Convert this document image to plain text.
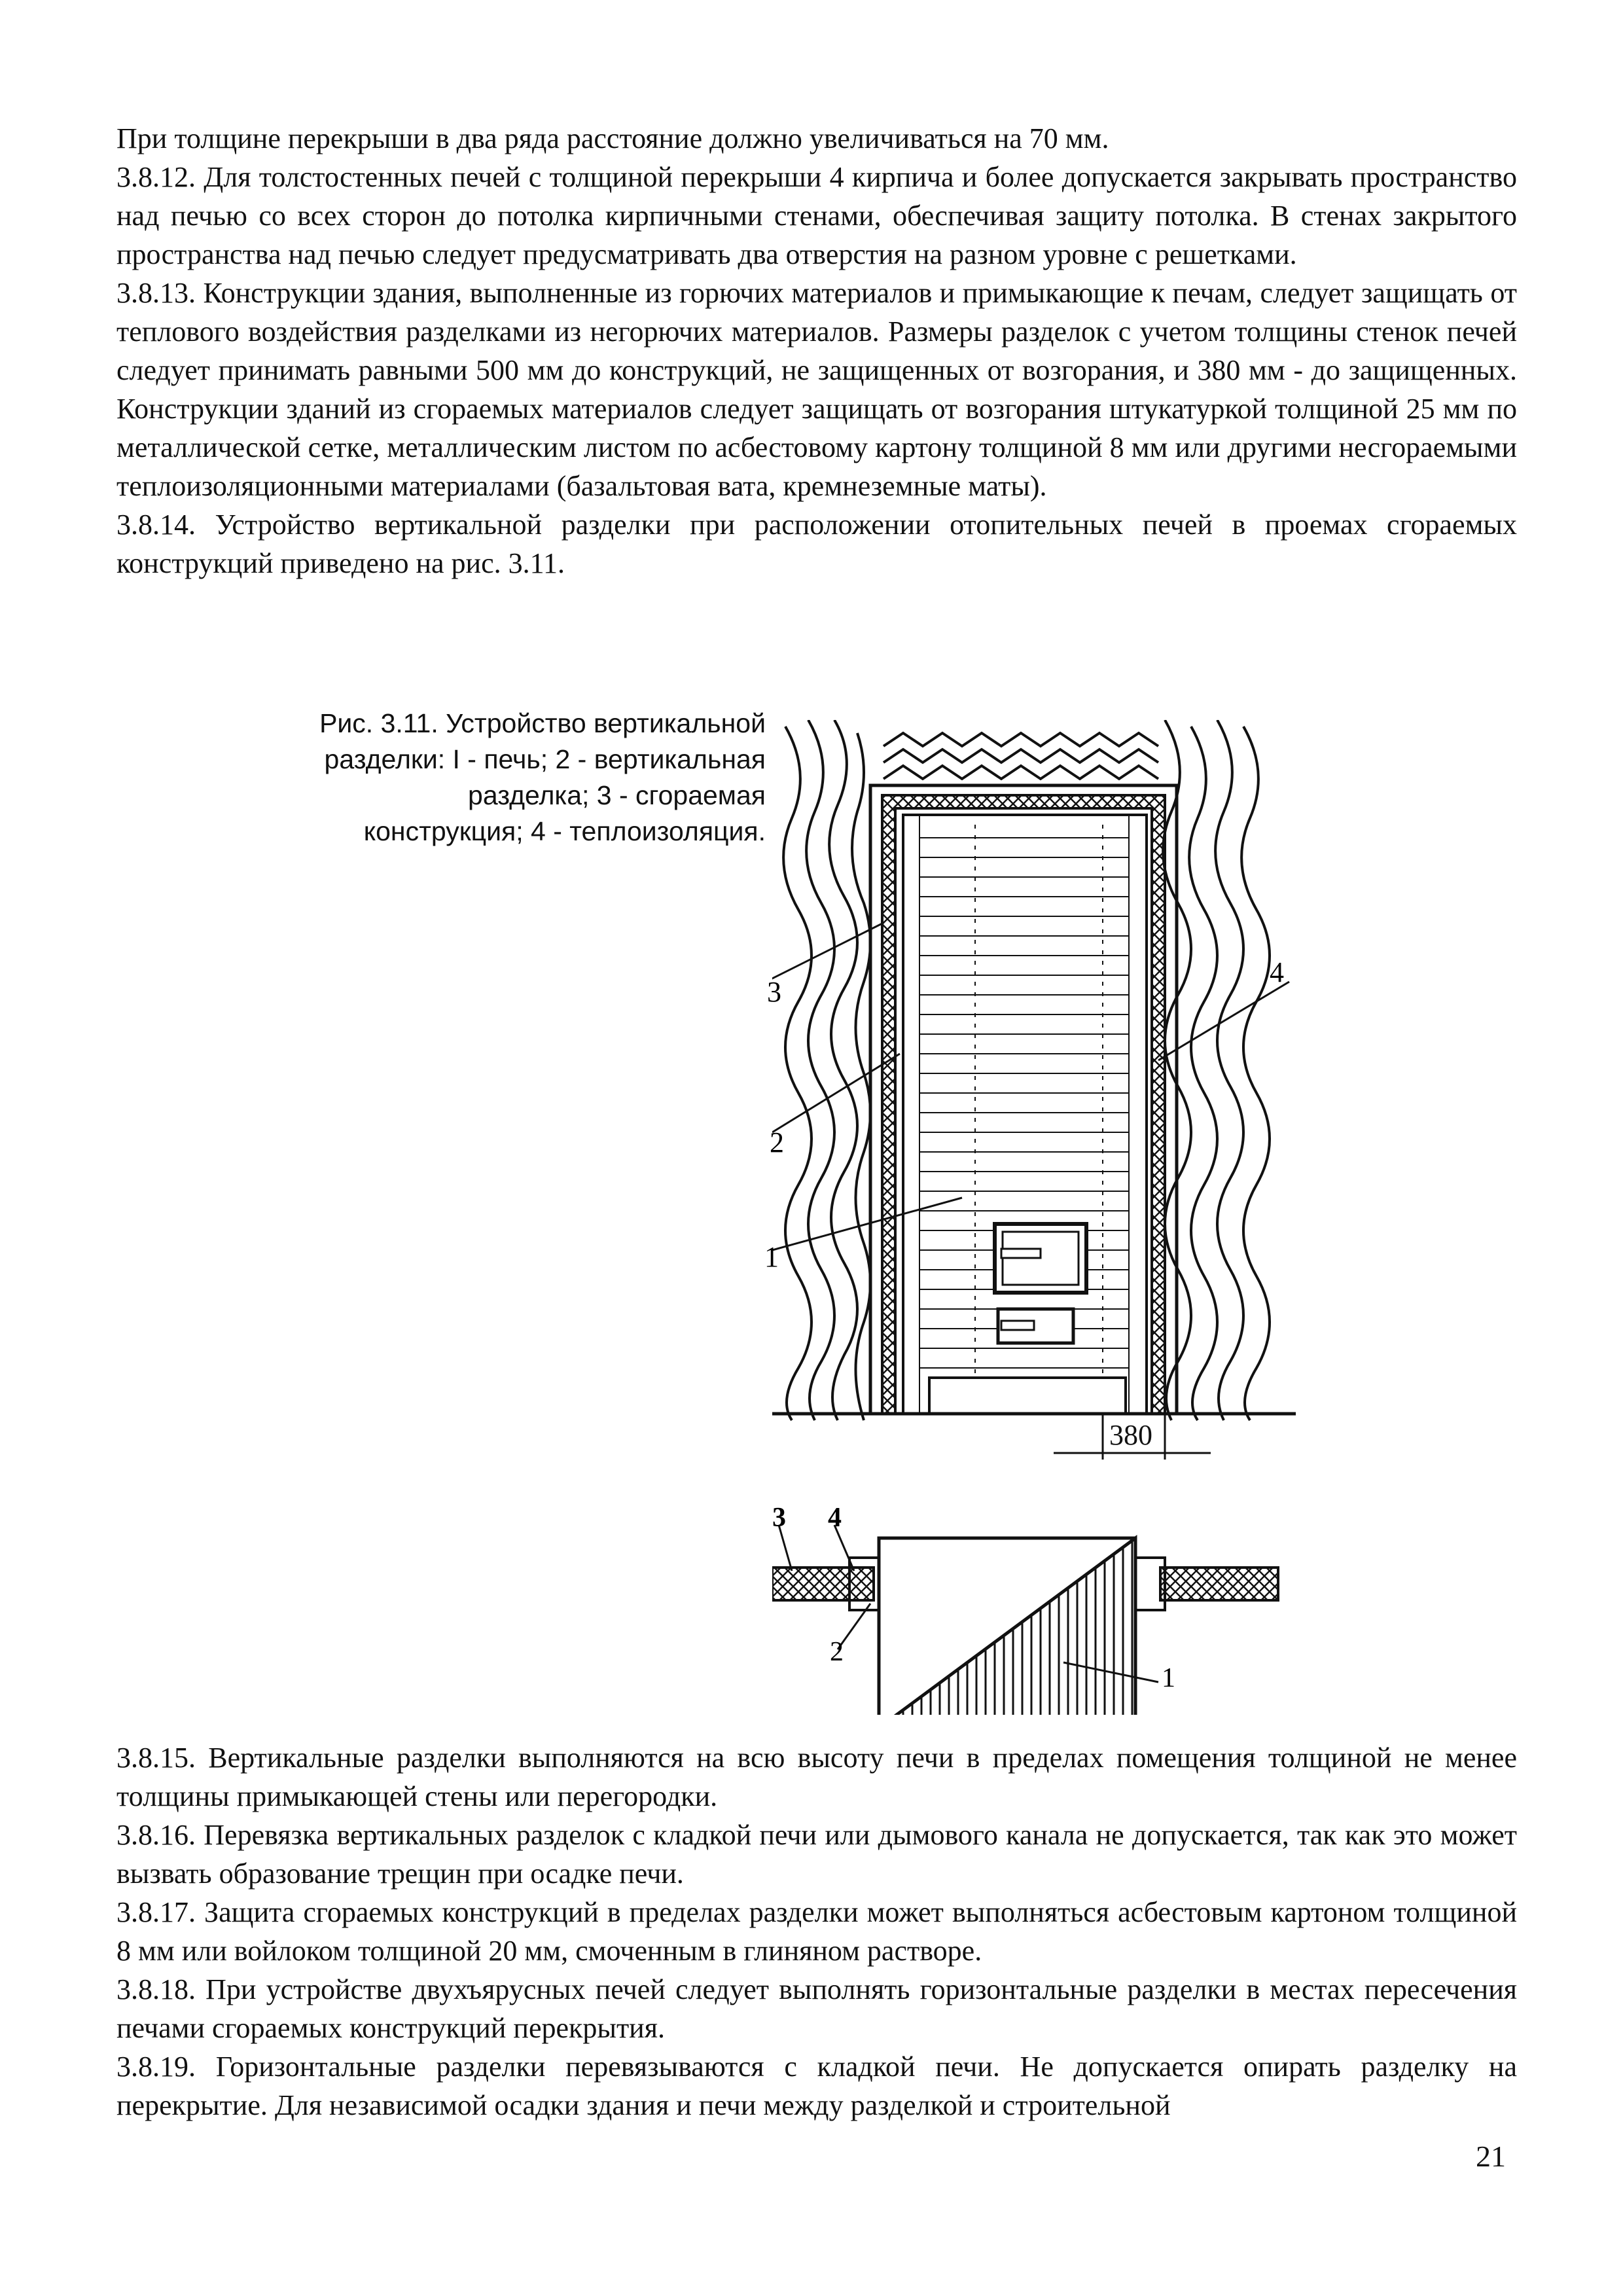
При толщине перекрыши в два ряда расстояние должно увеличиваться на 70 мм.

3.8.12. Для толстостенных печей с толщиной перекрыши 4 кирпича и более допускается закрывать пространство над печью со всех сторон до потолка кирпичными стенами, обеспечивая защиту потолка. В стенах закрытого пространства над печью следует предусматривать два отверстия на разном уровне с решетками.

3.8.13. Конструкции здания, выполненные из горючих материалов и примыкающие к печам, следует защищать от теплового воздействия разделками из негорючих материалов. Размеры разделок с учетом толщины стенок печей следует принимать равными 500 мм до конструкций, не защищенных от возгорания, и 380 мм - до защищенных. Конструкции зданий из сгораемых материалов следует защищать от возгорания штукатуркой толщиной 25 мм по металлической сетке, металлическим листом по асбестовому картону толщиной 8 мм или другими несгораемыми теплоизоляционными материалами (базальтовая вата, кремнеземные маты).

3.8.14. Устройство вертикальной разделки при расположении отопительных печей в проемах сгораемых конструкций приведено на рис. 3.11.

Рис. 3.11. Устройство вертикальной разделки: I - печь; 2 - вертикальная разделка; 3 - сгораемая конструкция; 4 - теплоизоляция.

380
3
2
1
4
3 4
2
1

3.8.15. Вертикальные разделки выполняются на всю высоту печи в пределах помещения толщиной не менее толщины примыкающей стены или перегородки.

3.8.16. Перевязка вертикальных разделок с кладкой печи или дымового канала не допускается, так как это может вызвать образование трещин при осадке печи.

3.8.17. Защита сгораемых конструкций в пределах разделки может выполняться асбестовым картоном толщиной 8 мм или войлоком толщиной 20 мм, смоченным в глиняном растворе.

3.8.18. При устройстве двухъярусных печей следует выполнять горизонтальные разделки в местах пересечения печами сгораемых конструкций перекрытия.

3.8.19. Горизонтальные разделки перевязываются с кладкой печи. Не допускается опирать разделку на перекрытие. Для независимой осадки здания и печи между разделкой и строительной

21
